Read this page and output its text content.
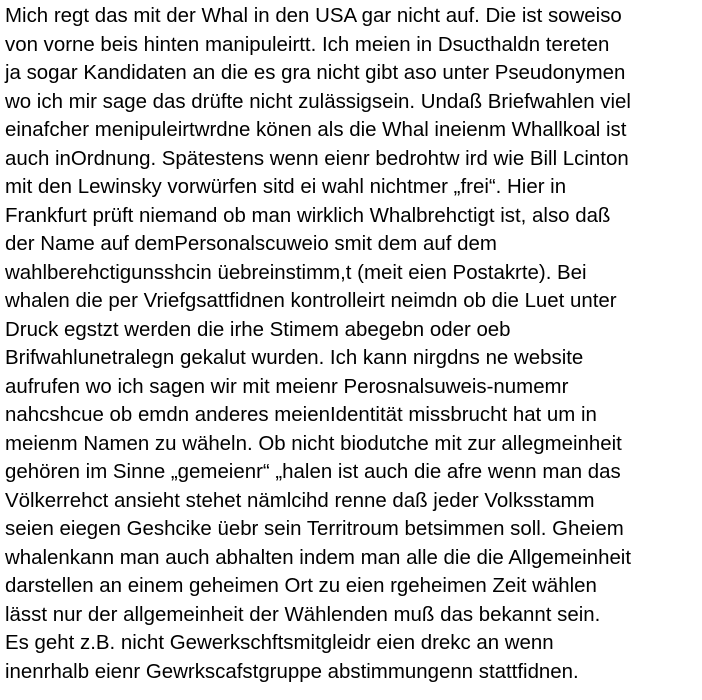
Mich regt das mit der Whal in den USA gar nicht auf. Die ist soweiso
von vorne beis hinten manipuleirtt. Ich meien in Dsucthaldn tereten
ja sogar Kandidaten an die es gra nicht gibt aso unter Pseudonymen
wo ich mir sage das drüfte nicht zulässigsein. Undaß Briefwahlen viel
einafcher menipuleirtwrdne könen als die Whal ineienm Whallkoal ist
auch inOrdnung. Spätestens wenn eienr bedrohtw ird wie Bill Lcinton
mit den Lewinsky vorwürfen sitd ei wahl nichtmer „frei“. Hier in
Frankfurt prüft niemand ob man wirklich Whalbrehctigt ist, also daß
der Name auf demPersonalscuweio smit dem auf dem
wahlberehctigunsshcin üebreinstimm,t (meit eien Postakrte). Bei
whalen die per Vriefgsattfidnen kontrolleirt neimdn ob die Luet unter
Druck egstzt werden die irhe Stimem abegebn oder oeb
Brifwahlunetralegn gekalut wurden. Ich kann nirgdns ne website
aufrufen wo ich sagen wir mit meienr Perosnalsuweis-numemr
nahcshcue ob emdn anderes meienIdentität missbrucht hat um in
meienm Namen zu wäheln. Ob nicht biodutche mit zur allegmeinheit
gehören im Sinne „gemeienr“ „halen ist auch die afre wenn man das
Völkerrehct ansieht stehet nämlcihd renne daß jeder Volksstamm
seien eiegen Geshcike üebr sein Territroum betsimmen soll. Gheiem
whalenkann man auch abhalten indem man alle die die Allgemeinheit
darstellen an einem geheimen Ort zu eien rgeheimen Zeit wählen
lässt nur der allgemeinheit der Wählenden muß das bekannt sein.
Es geht z.B. nicht Gewerkschftsmitgleidr eien drekc an wenn
inenrhalb eienr Gewrkscafstgruppe abstimmungenn stattfidnen.
